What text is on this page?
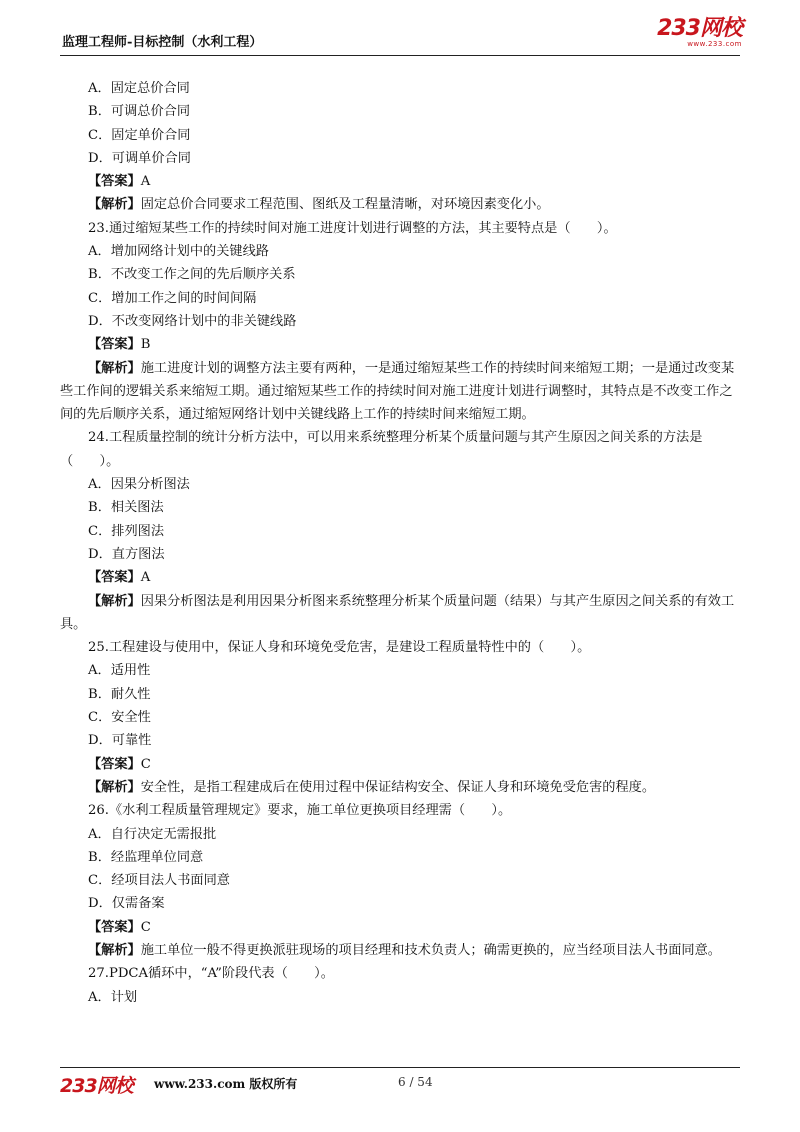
监理工程师-目标控制（水利工程）
233网校
www.233.com
A．固定总价合同
B．可调总价合同
C．固定单价合同
D．可调单价合同
【答案】A
【解析】固定总价合同要求工程范围、图纸及工程量清晰，对环境因素变化小。
23.通过缩短某些工作的持续时间对施工进度计划进行调整的方法，其主要特点是（　　）。
A．增加网络计划中的关键线路
B．不改变工作之间的先后顺序关系
C．增加工作之间的时间间隔
D．不改变网络计划中的非关键线路
【答案】B
【解析】施工进度计划的调整方法主要有两种，一是通过缩短某些工作的持续时间来缩短工期；一是通过改变某些工作间的逻辑关系来缩短工期。通过缩短某些工作的持续时间对施工进度计划进行调整时，其特点是不改变工作之间的先后顺序关系，通过缩短网络计划中关键线路上工作的持续时间来缩短工期。
24.工程质量控制的统计分析方法中，可以用来系统整理分析某个质量问题与其产生原因之间关系的方法是（　　）。
A．因果分析图法
B．相关图法
C．排列图法
D．直方图法
【答案】A
【解析】因果分析图法是利用因果分析图来系统整理分析某个质量问题（结果）与其产生原因之间关系的有效工具。
25.工程建设与使用中，保证人身和环境免受危害，是建设工程质量特性中的（　　）。
A．适用性
B．耐久性
C．安全性
D．可靠性
【答案】C
【解析】安全性，是指工程建成后在使用过程中保证结构安全、保证人身和环境免受危害的程度。
26.《水利工程质量管理规定》要求，施工单位更换项目经理需（　　）。
A．自行决定无需报批
B．经监理单位同意
C．经项目法人书面同意
D．仅需备案
【答案】C
【解析】施工单位一般不得更换派驻现场的项目经理和技术负责人；确需更换的，应当经项目法人书面同意。
27.PDCA循环中，“A”阶段代表（　　）。
A．计划
233网校 www.233.com 版权所有	6 / 54
